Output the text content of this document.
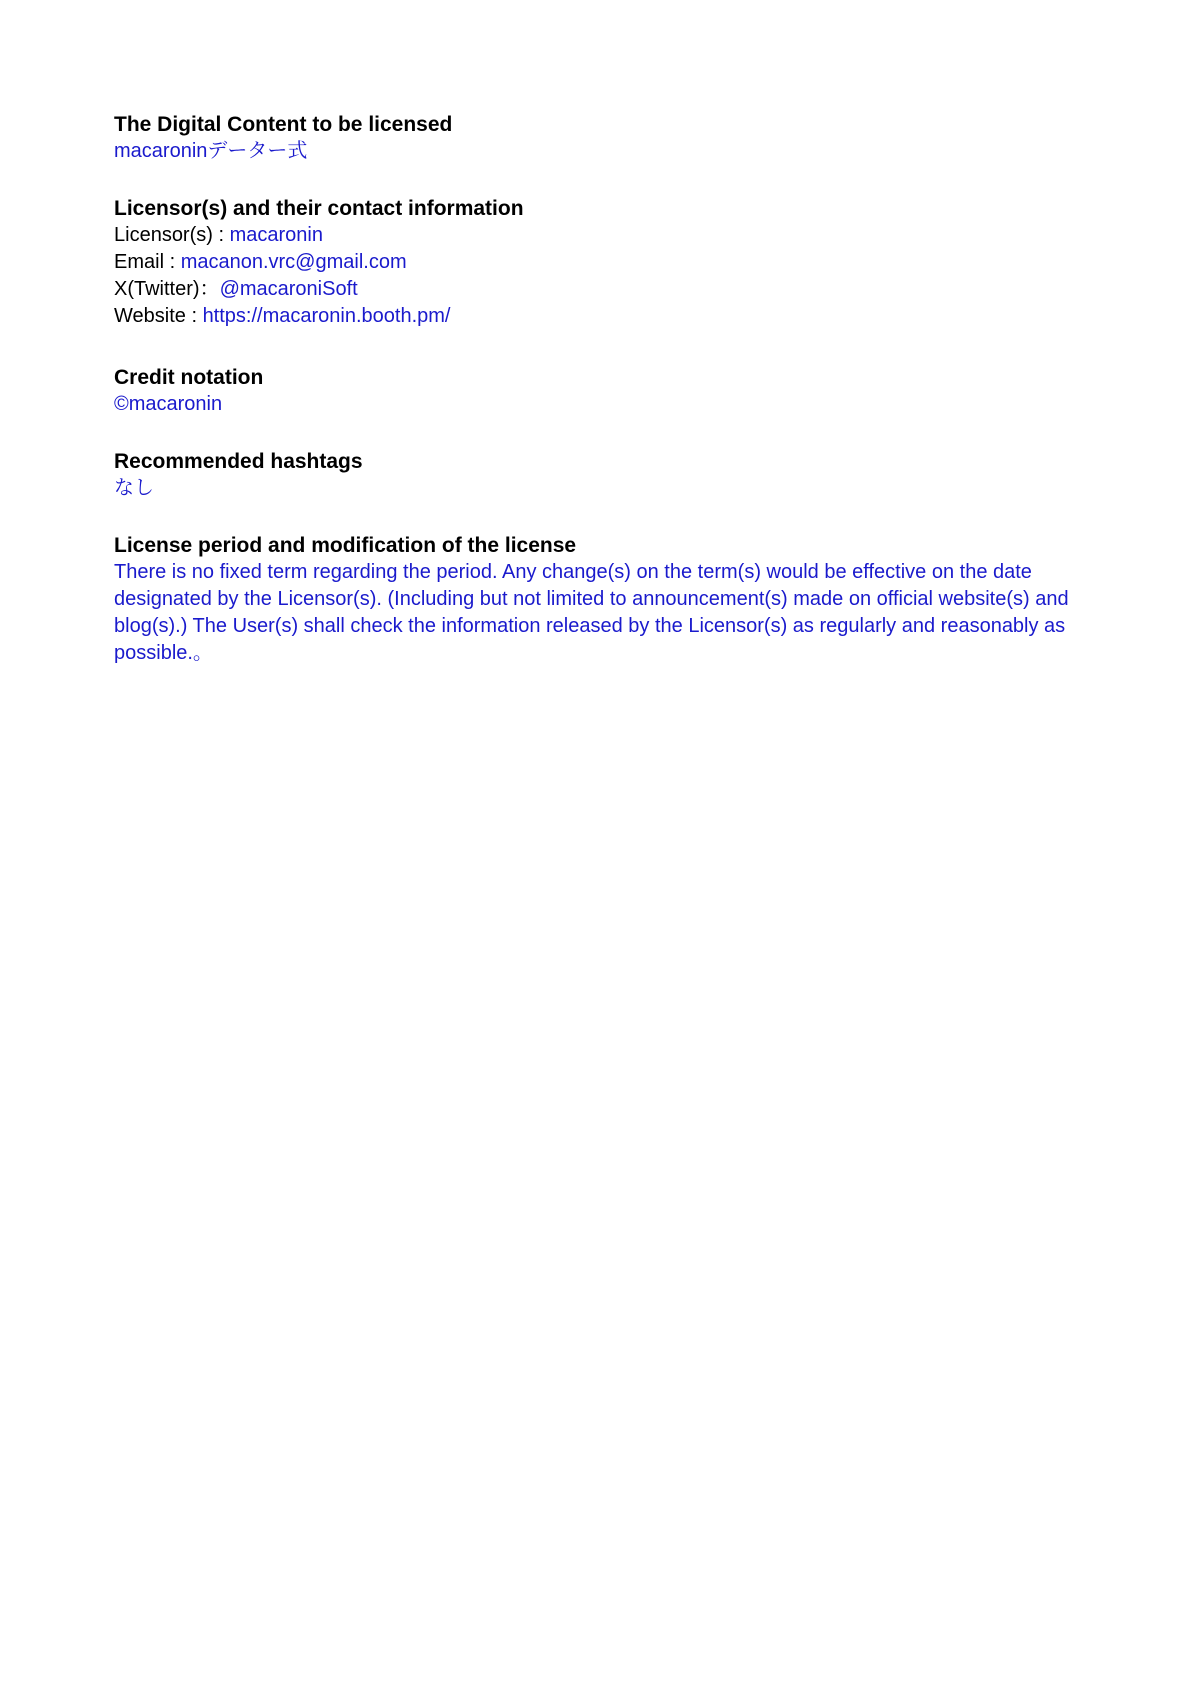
The Digital Content to be licensed

macaroninデーター式

Licensor(s) and their contact information

Licensor(s) : macaronin

Email : macanon.vrc@gmail.com

X(Twitter)：@macaroniSoft

Website : https://macaronin.booth.pm/

Credit notation

©macaronin

Recommended hashtags

なし

License period and modification of the license

There is no fixed term regarding the period. Any change(s) on the term(s) would be effective on the date designated by the Licensor(s). (Including but not limited to announcement(s) made on official website(s) and blog(s).) The User(s) shall check the information released by the Licensor(s) as regularly and reasonably as possible.。
